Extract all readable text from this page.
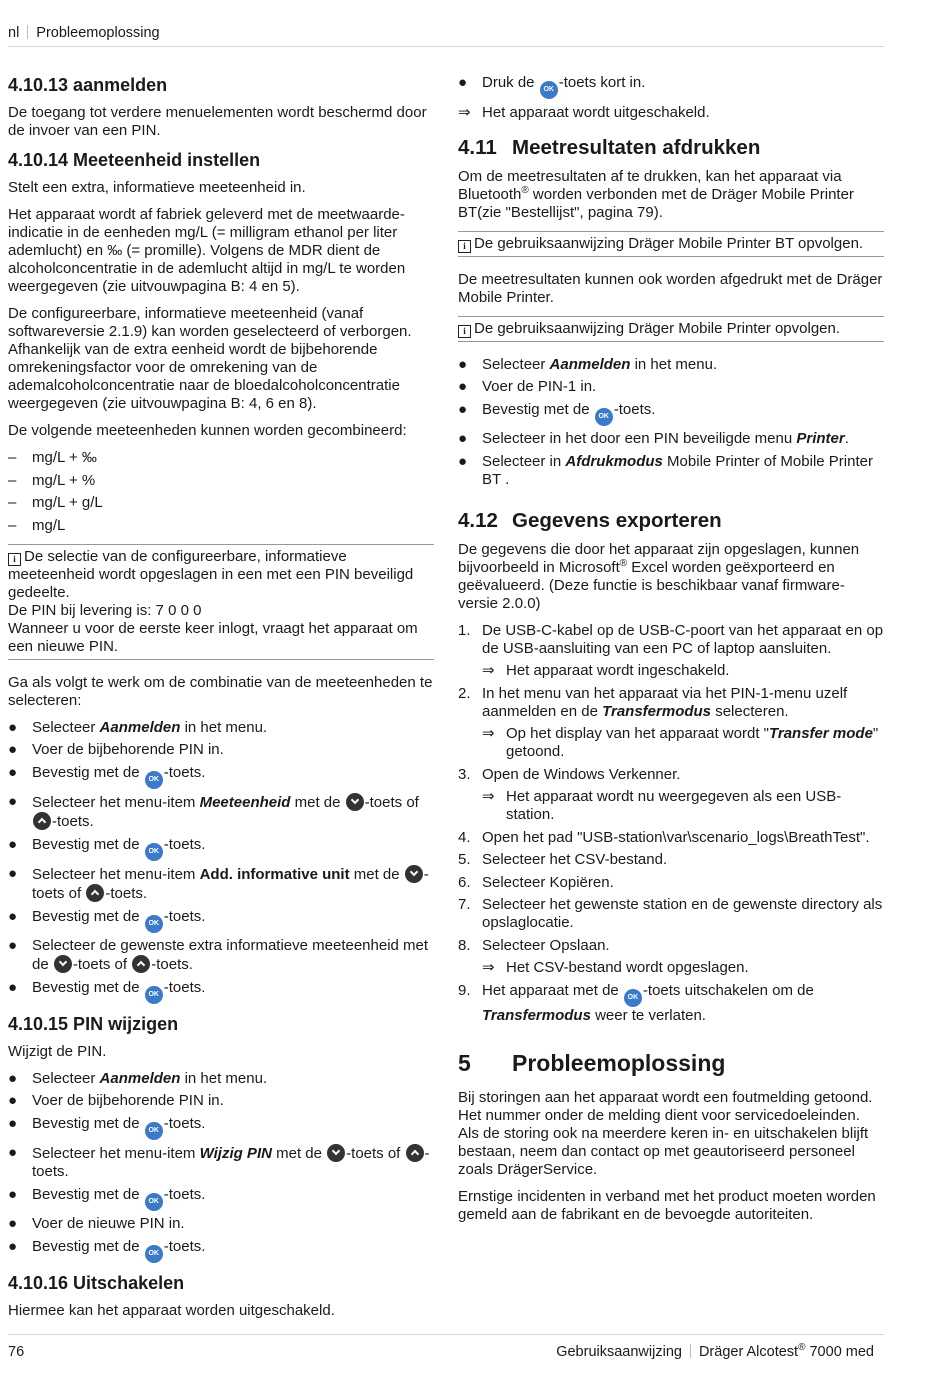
nl Probleemoplossing
4.10.13 aanmelden

De toegang tot verdere menuelementen wordt beschermd door de invoer van een PIN.

4.10.14 Meeteenheid instellen

Stelt een extra, informatieve meeteenheid in.

Het apparaat wordt af fabriek geleverd met de meetwaarde-indicatie in de eenheden mg/L (= milligram ethanol per liter ademlucht) en ‰ (= promille). Volgens de MDR dient de alcoholconcentratie in de ademlucht altijd in mg/L te worden weergegeven (zie uitvouwpagina B: 4 en 5).

De configureerbare, informatieve meeteenheid (vanaf softwareversie 2.1.9) kan worden geselecteerd of verborgen. Afhankelijk van de extra eenheid wordt de bijbehorende omrekeningsfactor voor de omrekening van de ademalcoholconcentratie naar de bloedalcoholconcentratie weergegeven (zie uitvouwpagina B: 4, 6 en 8).

De volgende meeteenheden kunnen worden gecombineerd:

–	mg/L + ‰
–	mg/L + %
–	mg/L + g/L
–	mg/L
i De selectie van de configureerbare, informatieve meeteenheid wordt opgeslagen in een met een PIN beveiligd gedeelte.
De PIN bij levering is: 7 0 0 0
Wanneer u voor de eerste keer inlogt, vraagt het apparaat om een nieuwe PIN.

Ga als volgt te werk om de combinatie van de meeteenheden te selecteren:

● Selecteer Aanmelden in het menu.
● Voer de bijbehorende PIN in.
● Bevestig met de OK -toets.
● Selecteer het menu-item Meeteenheid met de -toets of -toets.
● Bevestig met de OK -toets.
● Selecteer het menu-item Add. informative unit met de -toets of -toets.
● Bevestig met de OK -toets.
● Selecteer de gewenste extra informatieve meeteenheid met de -toets of -toets.
● Bevestig met de OK -toets.
4.10.15 PIN wijzigen

Wijzigt de PIN.

● Selecteer Aanmelden in het menu.
● Voer de bijbehorende PIN in.
● Bevestig met de OK -toets.
● Selecteer het menu-item Wijzig PIN met de -toets of -toets.
● Bevestig met de OK -toets.
● Voer de nieuwe PIN in.
● Bevestig met de OK -toets.
4.10.16 Uitschakelen

Hiermee kan het apparaat worden uitgeschakeld.

● Druk de OK -toets kort in.
⇒ Het apparaat wordt uitgeschakeld.
4.11 Meetresultaten afdrukken

Om de meetresultaten af te drukken, kan het apparaat via Bluetooth® worden verbonden met de Dräger Mobile Printer BT(zie "Bestellijst", pagina 79).

i De gebruiksaanwijzing Dräger Mobile Printer BT opvolgen.

De meetresultaten kunnen ook worden afgedrukt met de Dräger Mobile Printer.

i De gebruiksaanwijzing Dräger Mobile Printer opvolgen.
● Selecteer Aanmelden in het menu.
● Voer de PIN-1 in.
● Bevestig met de OK -toets.
● Selecteer in het door een PIN beveiligde menu Printer.
● Selecteer in Afdrukmodus Mobile Printer of Mobile Printer BT .
4.12 Gegevens exporteren

De gegevens die door het apparaat zijn opgeslagen, kunnen bijvoorbeeld in Microsoft® Excel worden geëxporteerd en geëvalueerd. (Deze functie is beschikbaar vanaf firmware-versie 2.0.0)

1. De USB-C-kabel op de USB-C-poort van het apparaat en op de USB-aansluiting van een PC of laptop aansluiten.
⇒ Het apparaat wordt ingeschakeld.
2. In het menu van het apparaat via het PIN-1-menu uzelf aanmelden en de Transfermodus selecteren.
⇒ Op het display van het apparaat wordt "Transfer mode" getoond.
3. Open de Windows Verkenner.
⇒ Het apparaat wordt nu weergegeven als een USB-station.
4. Open het pad "USB-station\var\scenario_logs\BreathTest".
5. Selecteer het CSV-bestand.
6. Selecteer Kopiëren.
7. Selecteer het gewenste station en de gewenste directory als opslaglocatie.
8. Selecteer Opslaan.
⇒ Het CSV-bestand wordt opgeslagen.
9. Het apparaat met de OK -toets uitschakelen om de Transfermodus weer te verlaten.
5 Probleemoplossing

Bij storingen aan het apparaat wordt een foutmelding getoond. Het nummer onder de melding dient voor servicedoeleinden. Als de storing ook na meerdere keren in- en uitschakelen blijft bestaan, neem dan contact op met geautoriseerd personeel zoals DrägerService.

Ernstige incidenten in verband met het product moeten worden gemeld aan de fabrikant en de bevoegde autoriteiten.

76	Gebruiksaanwijzing Dräger Alcotest® 7000 med
